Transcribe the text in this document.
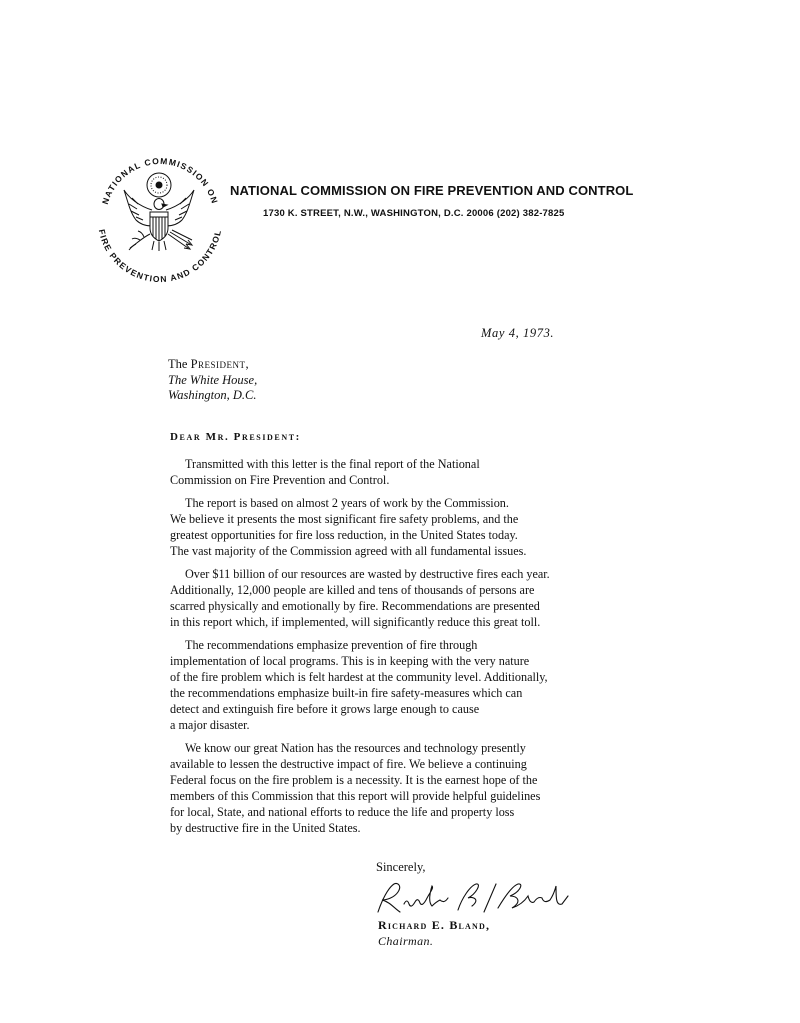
NATIONAL COMMISSION ON
FIRE PREVENTION AND CONTROL
NATIONAL COMMISSION ON FIRE PREVENTION AND CONTROL
1730 K. STREET, N.W., WASHINGTON, D.C. 20006 (202) 382-7825
May 4, 1973.
The President,
The White House,
Washington, D.C.
Dear Mr. President:

Transmitted with this letter is the final report of the National
Commission on Fire Prevention and Control.

The report is based on almost 2 years of work by the Commission.
We believe it presents the most significant fire safety problems, and the
greatest opportunities for fire loss reduction, in the United States today.
The vast majority of the Commission agreed with all fundamental issues.

Over $11 billion of our resources are wasted by destructive fires each year.
Additionally, 12,000 people are killed and tens of thousands of persons are
scarred physically and emotionally by fire. Recommendations are presented
in this report which, if implemented, will significantly reduce this great toll.

The recommendations emphasize prevention of fire through
implementation of local programs. This is in keeping with the very nature
of the fire problem which is felt hardest at the community level. Additionally,
the recommendations emphasize built-in fire safety-measures which can
detect and extinguish fire before it grows large enough to cause
a major disaster.

We know our great Nation has the resources and technology presently
available to lessen the destructive impact of fire. We believe a continuing
Federal focus on the fire problem is a necessity. It is the earnest hope of the
members of this Commission that this report will provide helpful guidelines
for local, State, and national efforts to reduce the life and property loss
by destructive fire in the United States.

Sincerely,
Richard E. Bland,
Chairman.
